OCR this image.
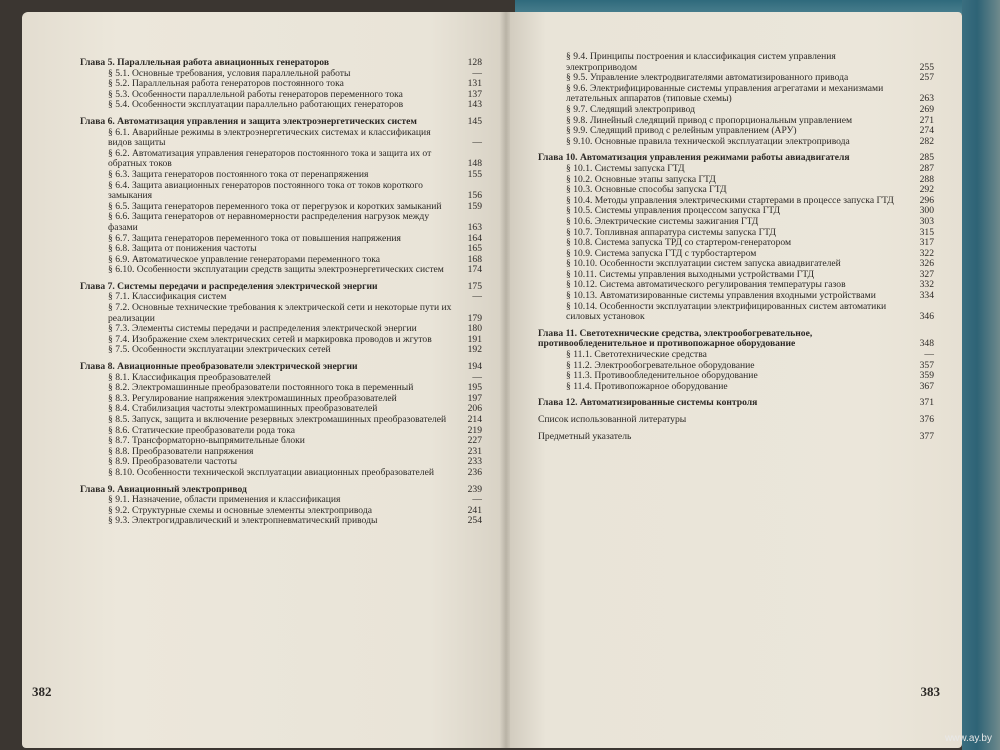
Глава 5. Параллельная работа авиационных генераторов	128
§ 5.1. Основные требования, условия параллельной работы	—
§ 5.2. Параллельная работа генераторов постоянного тока	131
§ 5.3. Особенности параллельной работы генераторов переменного тока	137
§ 5.4. Особенности эксплуатации параллельно работающих генераторов	143
Глава 6. Автоматизация управления и защита электроэнергетических систем	145
§ 6.1. Аварийные режимы в электроэнергетических системах и классификация видов защиты	—
§ 6.2. Автоматизация управления генераторов постоянного тока и защита их от обратных токов	148
§ 6.3. Защита генераторов постоянного тока от перенапряжения	155
§ 6.4. Защита авиационных генераторов постоянного тока от токов короткого замыкания	156
§ 6.5. Защита генераторов переменного тока от перегрузок и коротких замыканий	159
§ 6.6. Защита генераторов от неравномерности распределения нагрузок между фазами	163
§ 6.7. Защита генераторов переменного тока от повышения напряжения	164
§ 6.8. Защита от понижения частоты	165
§ 6.9. Автоматическое управление генераторами переменного тока	168
§ 6.10. Особенности эксплуатации средств защиты электроэнергетических систем	174
Глава 7. Системы передачи и распределения электрической энергии	175
§ 7.1. Классификация систем	—
§ 7.2. Основные технические требования к электрической сети и некоторые пути их реализации	179
§ 7.3. Элементы системы передачи и распределения электрической энергии	180
§ 7.4. Изображение схем электрических сетей и маркировка проводов и жгутов	191
§ 7.5. Особенности эксплуатации электрических сетей	192
Глава 8. Авиационные преобразователи электрической энергии	194
§ 8.1. Классификация преобразователей	—
§ 8.2. Электромашинные преобразователи постоянного тока в переменный	195
§ 8.3. Регулирование напряжения электромашинных преобразователей	197
§ 8.4. Стабилизация частоты электромашинных преобразователей	206
§ 8.5. Запуск, защита и включение резервных электромашинных преобразователей	214
§ 8.6. Статические преобразователи рода тока	219
§ 8.7. Трансформаторно-выпрямительные блоки	227
§ 8.8. Преобразователи напряжения	231
§ 8.9. Преобразователи частоты	233
§ 8.10. Особенности технической эксплуатации авиационных преобразователей	236
Глава 9. Авиационный электропривод	239
§ 9.1. Назначение, области применения и классификация	—
§ 9.2. Структурные схемы и основные элементы электропривода	241
§ 9.3. Электрогидравлический и электропневматический приводы	254
382
§ 9.4. Принципы построения и классификация систем управления электроприводом	255
§ 9.5. Управление электродвигателями автоматизированного привода	257
§ 9.6. Электрифицированные системы управления агрегатами и механизмами летательных аппаратов (типовые схемы)	263
§ 9.7. Следящий электропривод	269
§ 9.8. Линейный следящий привод с пропорциональным управлением	271
§ 9.9. Следящий привод с релейным управлением (АРУ)	274
§ 9.10. Основные правила технической эксплуатации электропривода	282
Глава 10. Автоматизация управления режимами работы авиадвигателя	285
§ 10.1. Системы запуска ГТД	287
§ 10.2. Основные этапы запуска ГТД	288
§ 10.3. Основные способы запуска ГТД	292
§ 10.4. Методы управления электрическими стартерами в процессе запуска ГТД	296
§ 10.5. Системы управления процессом запуска ГТД	300
§ 10.6. Электрические системы зажигания ГТД	303
§ 10.7. Топливная аппаратура системы запуска ГТД	315
§ 10.8. Система запуска ТРД со стартером-генератором	317
§ 10.9. Система запуска ГТД с турбостартером	322
§ 10.10. Особенности эксплуатации систем запуска авиадвигателей	326
§ 10.11. Системы управления выходными устройствами ГТД	327
§ 10.12. Система автоматического регулирования температуры газов	332
§ 10.13. Автоматизированные системы управления входными устройствами	334
§ 10.14. Особенности эксплуатации электрифицированных систем автоматики силовых установок	346
Глава 11. Светотехнические средства, электрообогревательное, противообледенительное и противопожарное оборудование	348
§ 11.1. Светотехнические средства	—
§ 11.2. Электрообогревательное оборудование	357
§ 11.3. Противообледенительное оборудование	359
§ 11.4. Противопожарное оборудование	367
Глава 12. Автоматизированные системы контроля	371
Список использованной литературы	376
Предметный указатель	377
383
www.ay.by
